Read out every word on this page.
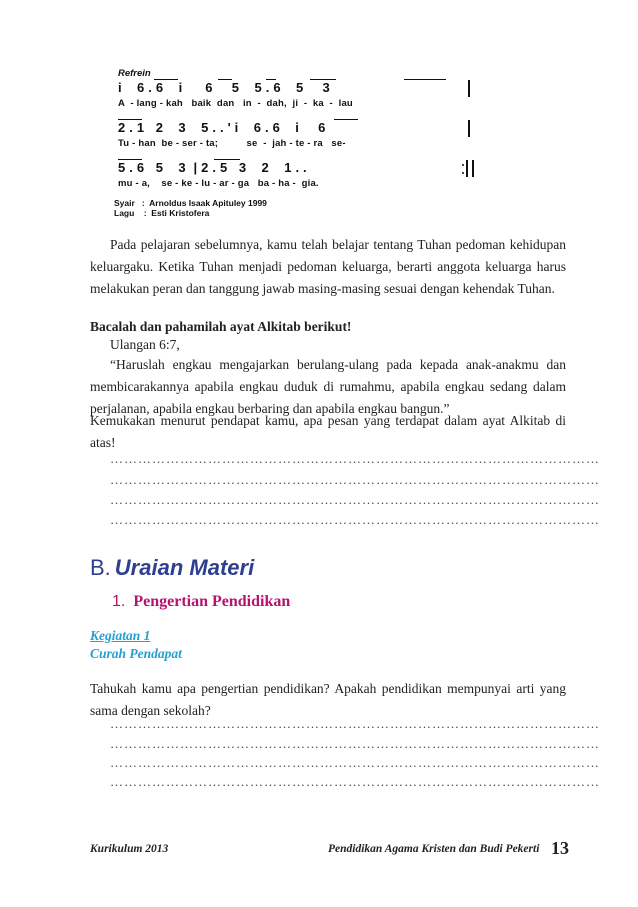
Refrein
i    6 . 6    i      6     5    5 . 6    5     3
A  - lang - kah   baik  dan   in  -  dah,  ji  -  ka  -  lau
2 . 1   2    3    5 . . ' i    6 . 6    i     6
Tu - han  be - ser - ta;          se  -  jah - te - ra   se-
5 . 6   5    3  | 2 . 5   3    2    1 . .
mu - a,    se - ke - lu - ar - ga   ba - ha -  gia.
Syair   :  Arnoldus Isaak Apituley 1999
Lagu    :  Esti Kristofera

Pada pelajaran sebelumnya, kamu telah belajar tentang Tuhan pedoman kehidupan keluargaku. Ketika Tuhan menjadi pedoman keluarga, berarti anggota keluarga harus melakukan peran dan tanggung jawab masing-masing sesuai dengan kehendak Tuhan.

Bacalah dan pahamilah ayat Alkitab berikut!

Ulangan 6:7,

“Haruslah engkau mengajarkan berulang-ulang pada kepada anak-anakmu dan membicarakannya apabila engkau duduk di rumahmu, apabila engkau sedang dalam perjalanan, apabila engkau berbaring dan apabila engkau bangun.”

Kemukakan menurut pendapat kamu, apa pesan yang terdapat dalam ayat Alkitab di atas!

……………………………………………………………………………………………
……………………………………………………………………………………………
……………………………………………………………………………………………
……………………………………………………………………………………………
B. Uraian Materi
1. Pengertian Pendidikan
Kegiatan 1
Curah Pendapat

Tahukah kamu apa pengertian pendidikan? Apakah pendidikan mempunyai arti yang sama dengan sekolah?

……………………………………………………………………………………………
……………………………………………………………………………………………
……………………………………………………………………………………………
……………………………………………………………………………………………
Kurikulum 2013	Pendidikan Agama Kristen dan Budi Pekerti 13
